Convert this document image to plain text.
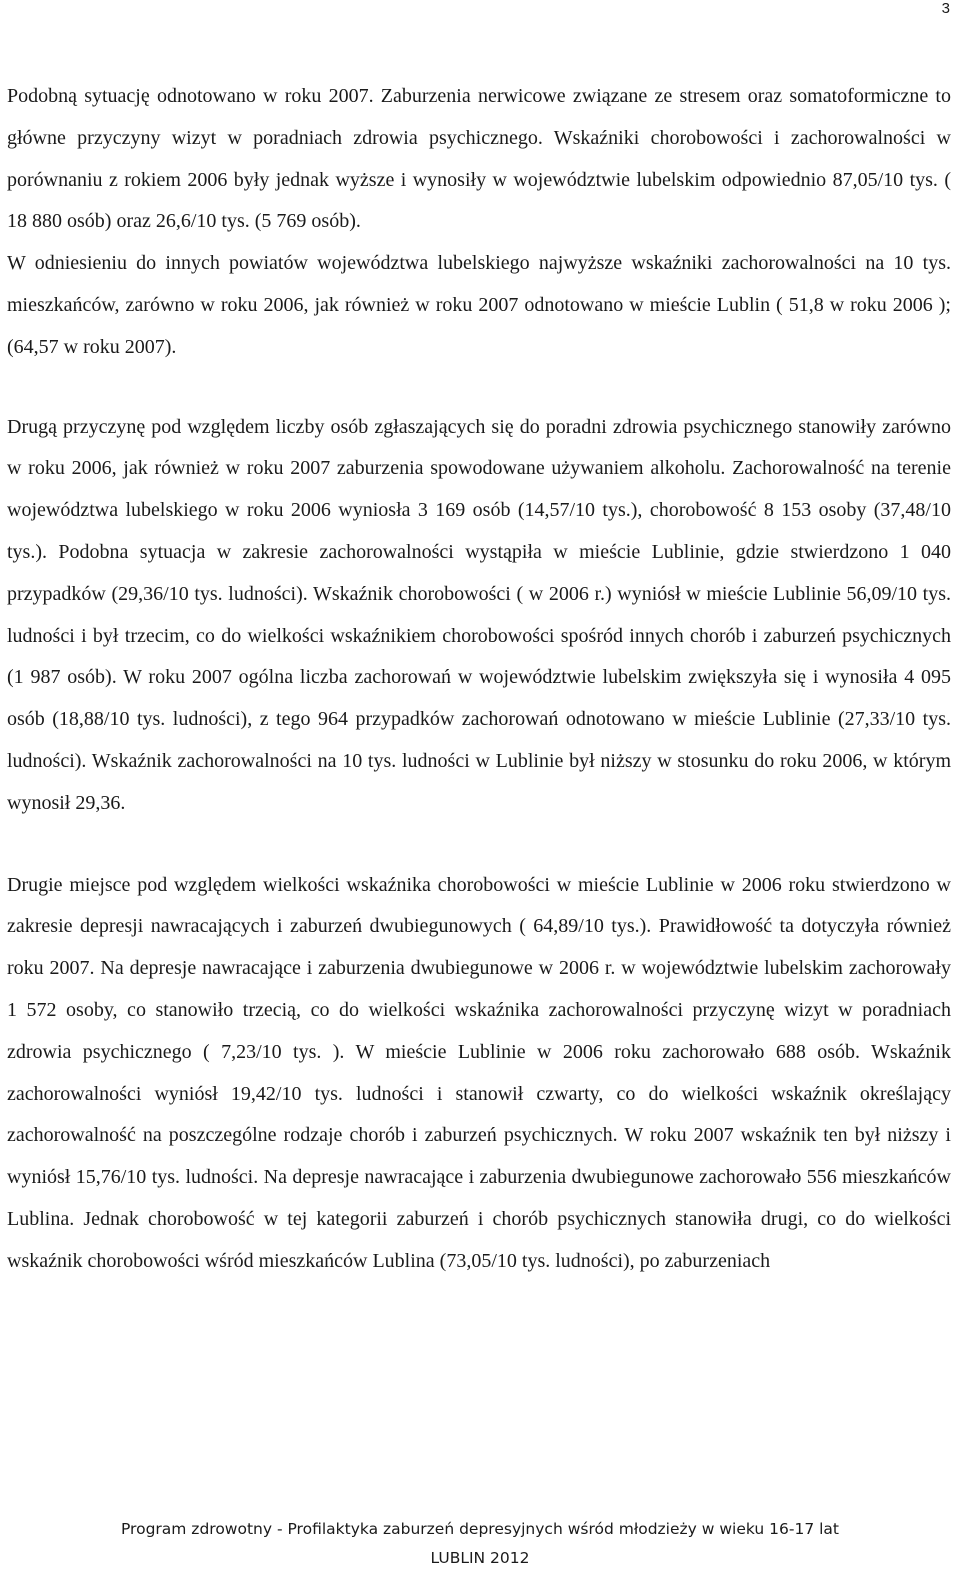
3

Podobną sytuację odnotowano w roku 2007. Zaburzenia nerwicowe związane ze stresem oraz somatoformiczne to główne przyczyny wizyt w poradniach zdrowia psychicznego. Wskaźniki chorobowości i zachorowalności w porównaniu z rokiem 2006 były jednak wyższe i wynosiły w województwie lubelskim odpowiednio 87,05/10 tys. ( 18 880 osób) oraz 26,6/10 tys. (5 769 osób).

W odniesieniu do innych powiatów województwa lubelskiego najwyższe wskaźniki zachorowalności na 10 tys. mieszkańców, zarówno w roku 2006, jak również w roku 2007 odnotowano w mieście Lublin ( 51,8 w roku 2006 ); (64,57 w roku 2007).

Drugą przyczynę pod względem liczby osób zgłaszających się do poradni zdrowia psychicznego stanowiły zarówno w roku 2006, jak również w roku 2007 zaburzenia spowodowane używaniem alkoholu. Zachorowalność na terenie województwa lubelskiego w roku 2006 wyniosła 3 169 osób (14,57/10 tys.), chorobowość 8 153 osoby (37,48/10 tys.). Podobna sytuacja w zakresie zachorowalności wystąpiła w mieście Lublinie, gdzie stwierdzono 1 040 przypadków (29,36/10 tys. ludności). Wskaźnik chorobowości ( w 2006 r.) wyniósł w mieście Lublinie 56,09/10 tys. ludności i był trzecim, co do wielkości wskaźnikiem chorobowości spośród innych chorób i zaburzeń psychicznych (1 987 osób). W roku 2007 ogólna liczba zachorowań w województwie lubelskim zwiększyła się i wynosiła 4 095 osób (18,88/10 tys. ludności), z tego 964 przypadków zachorowań odnotowano w mieście Lublinie (27,33/10 tys. ludności). Wskaźnik zachorowalności na 10 tys. ludności w Lublinie był niższy w stosunku do roku 2006, w którym wynosił 29,36.

Drugie miejsce pod względem wielkości wskaźnika chorobowości w mieście Lublinie w 2006 roku stwierdzono w zakresie depresji nawracających i zaburzeń dwubiegunowych ( 64,89/10 tys.). Prawidłowość ta dotyczyła również roku 2007. Na depresje nawracające i zaburzenia dwubiegunowe w 2006 r. w województwie lubelskim zachorowały 1 572 osoby, co stanowiło trzecią, co do wielkości wskaźnika zachorowalności przyczynę wizyt w poradniach zdrowia psychicznego ( 7,23/10 tys. ). W mieście Lublinie w 2006 roku zachorowało 688 osób. Wskaźnik zachorowalności wyniósł 19,42/10 tys. ludności i stanowił czwarty, co do wielkości wskaźnik określający zachorowalność na poszczególne rodzaje chorób i zaburzeń psychicznych. W roku 2007 wskaźnik ten był niższy i wyniósł 15,76/10 tys. ludności. Na depresje nawracające i zaburzenia dwubiegunowe zachorowało 556 mieszkańców Lublina. Jednak chorobowość w tej kategorii zaburzeń i chorób psychicznych stanowiła drugi, co do wielkości wskaźnik chorobowości wśród mieszkańców Lublina (73,05/10 tys. ludności), po zaburzeniach

Program zdrowotny - Profilaktyka zaburzeń depresyjnych wśród młodzieży w wieku 16-17 lat
LUBLIN 2012
